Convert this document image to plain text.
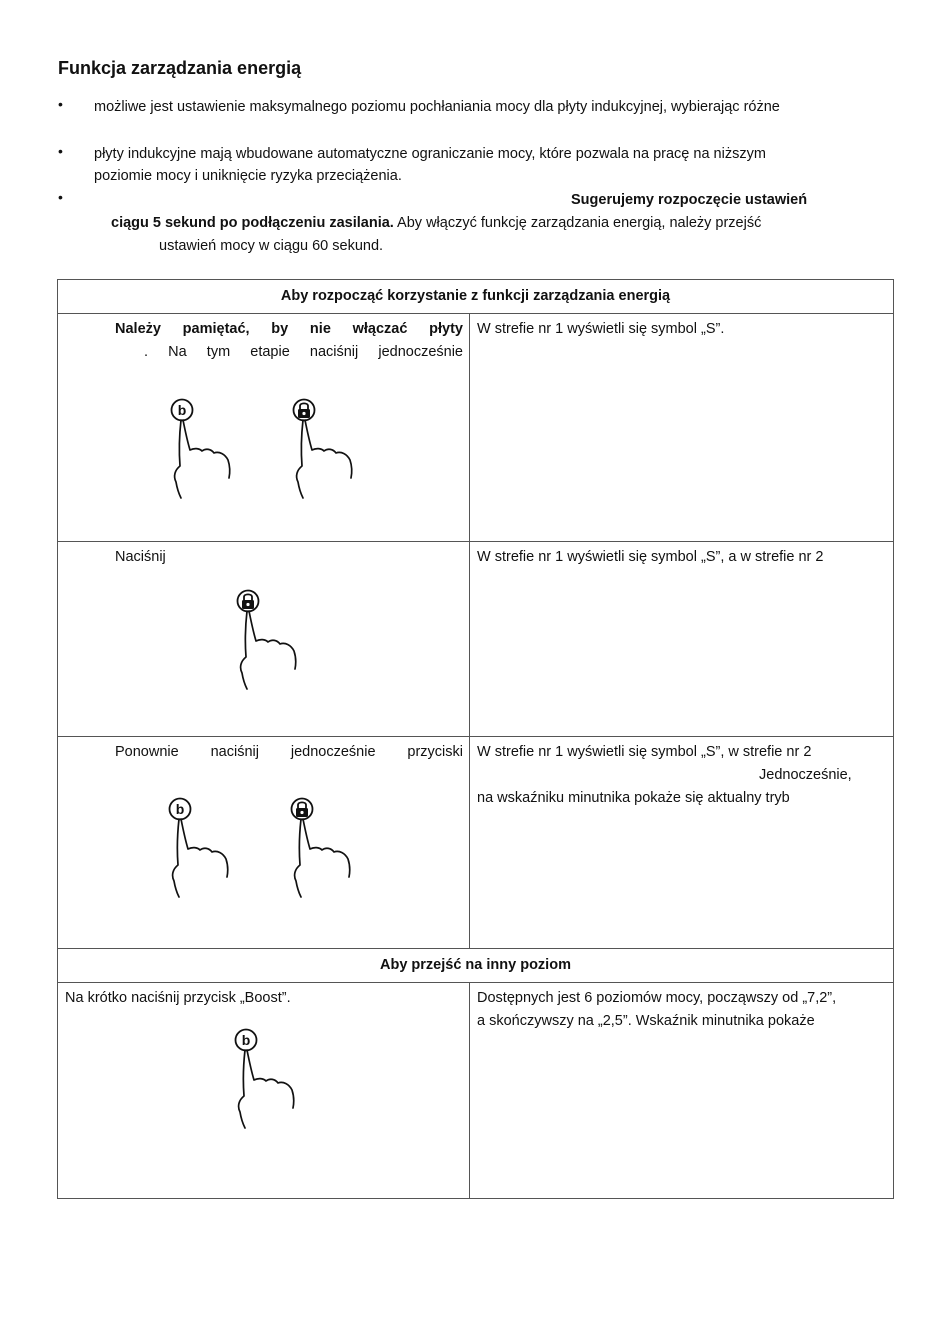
Funkcja zarządzania energią
• możliwe jest ustawienie maksymalnego poziomu pochłaniania mocy dla płyty indukcyjnej, wybierając różne
• płyty indukcyjne mają wbudowane automatyczne ograniczanie mocy, które pozwala na pracę na niższym
poziomie mocy i uniknięcie ryzyka przeciążenia.
•	Sugerujemy rozpoczęcie ustawień
ciągu 5 sekund po podłączeniu zasilania. Aby włączyć funkcję zarządzania energią, należy przejść
ustawień mocy w ciągu 60 sekund.
Aby rozpocząć korzystanie z funkcji zarządzania energią	

Należy pamiętać, by nie włączać płyty
. Na tym etapie naciśnij jednocześnie	W strefie nr 1 wyświetli się symbol „S”.

Naciśnij	W strefie nr 1 wyświetli się symbol „S”, a w strefie nr 2

Ponownie naciśnij jednocześnie przyciski	W strefie nr 1 wyświetli się symbol „S”, w strefie nr 2
Jednocześnie,
na wskaźniku minutnika pokaże się aktualny tryb

Aby przejść na inny poziom	

Na krótko naciśnij przycisk „Boost”.	Dostępnych jest 6 poziomów mocy, począwszy od „7,2”,
a skończywszy na „2,5”. Wskaźnik minutnika pokaże
